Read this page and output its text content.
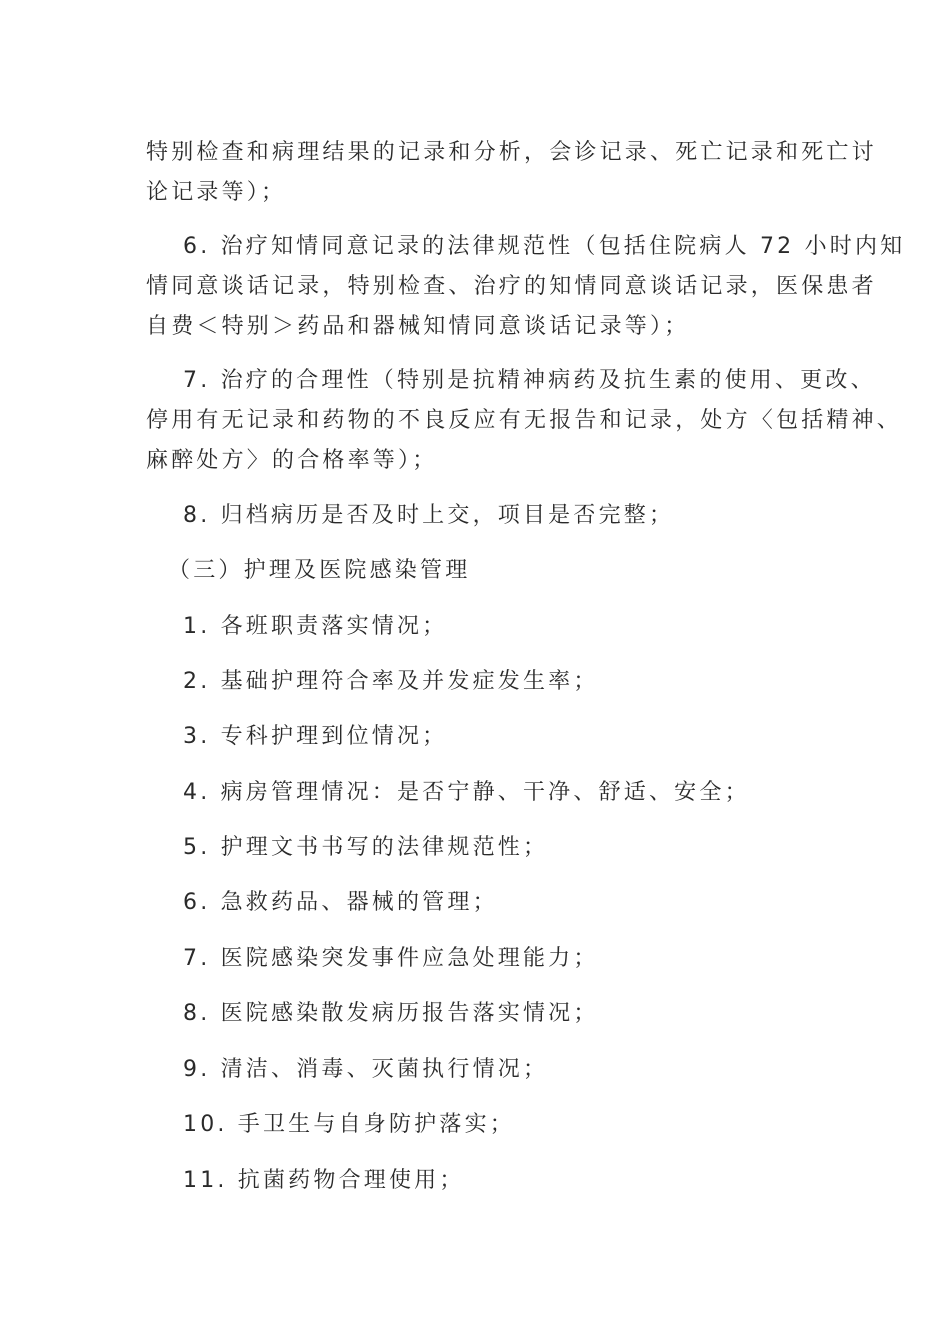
特别检查和病理结果的记录和分析，会诊记录、死亡记录和死亡讨
论记录等）；
6. 治疗知情同意记录的法律规范性（包括住院病人 72 小时内知
情同意谈话记录，特别检查、治疗的知情同意谈话记录，医保患者
自费＜特别＞药品和器械知情同意谈话记录等）；
7. 治疗的合理性（特别是抗精神病药及抗生素的使用、更改、
停用有无记录和药物的不良反应有无报告和记录，处方〈包括精神、
麻醉处方〉的合格率等）；
8. 归档病历是否及时上交，项目是否完整；
（三）护理及医院感染管理
1. 各班职责落实情况；
2. 基础护理符合率及并发症发生率；
3. 专科护理到位情况；
4. 病房管理情况：是否宁静、干净、舒适、安全；
5. 护理文书书写的法律规范性；
6. 急救药品、器械的管理；
7. 医院感染突发事件应急处理能力；
8. 医院感染散发病历报告落实情况；
9. 清洁、消毒、灭菌执行情况；
10. 手卫生与自身防护落实；
11. 抗菌药物合理使用；
